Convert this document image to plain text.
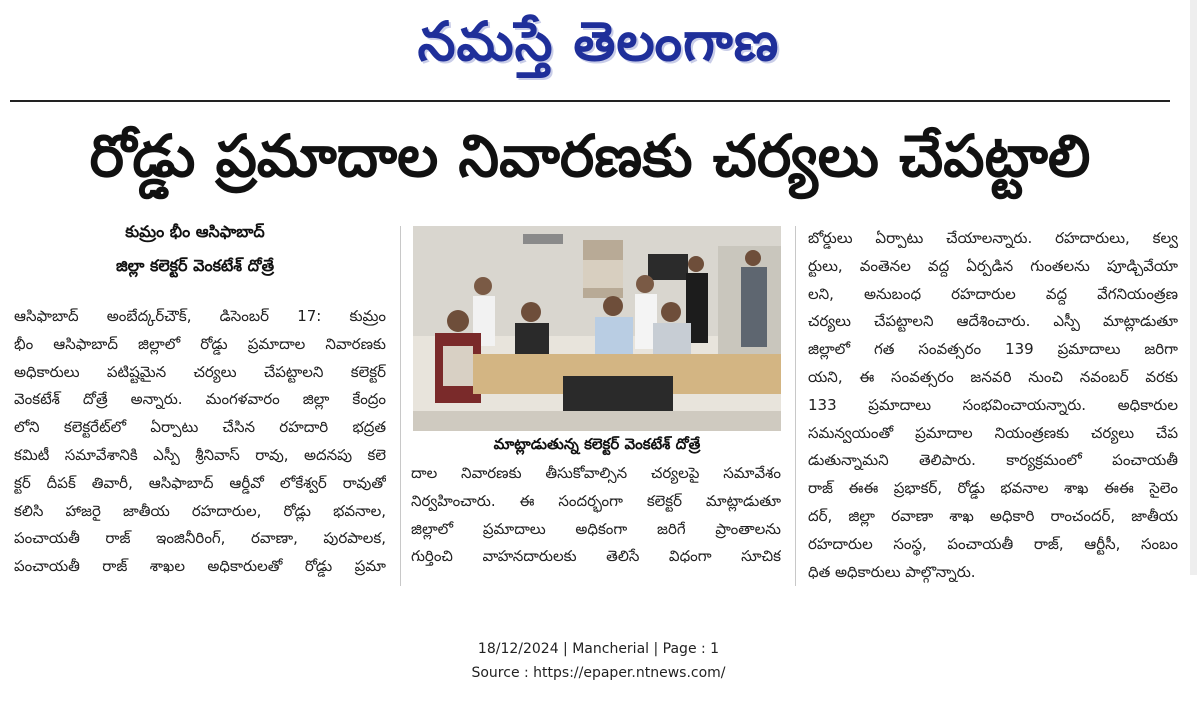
నమస్తే తెలంగాణ
రోడ్డు ప్రమాదాల నివారణకు చర్యలు చేపట్టాలి
కుమ్రం భీం ఆసిఫాబాద్
జిల్లా కలెక్టర్ వెంకటేశ్ దోత్రే
ఆసిఫాబాద్ అంబేద్కర్‌చౌక్, డిసెంబర్ 17: కుమ్రం
భీం ఆసిఫాబాద్ జిల్లాలో రోడ్డు ప్రమాదాల నివారణకు
అధికారులు పటిష్టమైన చర్యలు చేపట్టాలని కలెక్టర్
వెంకటేశ్ దోత్రే అన్నారు. మంగళవారం జిల్లా కేంద్రం
లోని కలెక్టరేట్‌లో ఏర్పాటు చేసిన రహదారి భద్రత
కమిటీ సమావేశానికి ఎస్పీ శ్రీనివాస్ రావు, అదనపు కలె
క్టర్ దీపక్ తివారీ, ఆసిఫాబాద్ ఆర్డీవో లోకేశ్వర్ రావుతో
కలిసి హాజరై జాతీయ రహదారుల, రోడ్లు భవనాల,
పంచాయతీ రాజ్ ఇంజినీరింగ్, రవాణా, పురపాలక,
పంచాయతీ రాజ్ శాఖల అధికారులతో రోడ్డు ప్రమా
మాట్లాడుతున్న కలెక్టర్ వెంకటేశ్ దోత్రే
దాల నివారణకు తీసుకోవాల్సిన చర్యలపై సమావేశం
నిర్వహించారు. ఈ సందర్భంగా కలెక్టర్ మాట్లాడుతూ
జిల్లాలో ప్రమాదాలు అధికంగా జరిగే ప్రాంతాలను
గుర్తించి వాహనదారులకు తెలిసే విధంగా సూచిక
బోర్డులు ఏర్పాటు చేయాలన్నారు. రహదారులు, కల్వ
ర్టులు, వంతెనల వద్ద ఏర్పడిన గుంతలను పూడ్చివేయా
లని, అనుబంధ రహదారుల వద్ద వేగనియంత్రణ
చర్యలు చేపట్టాలని ఆదేశించారు. ఎస్పీ మాట్లాడుతూ
జిల్లాలో గత సంవత్సరం 139 ప్రమాదాలు జరిగా
యని, ఈ సంవత్సరం జనవరి నుంచి నవంబర్ వరకు
133 ప్రమాదాలు సంభవించాయన్నారు. అధికారుల
సమన్వయంతో ప్రమాదాల నియంత్రణకు చర్యలు చేప
డుతున్నామని తెలిపారు. కార్యక్రమంలో పంచాయతీ
రాజ్ ఈఈ ప్రభాకర్, రోడ్డు భవనాల శాఖ ఈఈ సైలెం
దర్, జిల్లా రవాణా శాఖ అధికారి రాంచందర్, జాతీయ
రహదారుల సంస్థ, పంచాయతీ రాజ్, ఆర్టీసీ, సంబం
ధిత అధికారులు పాల్గొన్నారు.
18/12/2024 | Mancherial | Page : 1
Source : https://epaper.ntnews.com/
